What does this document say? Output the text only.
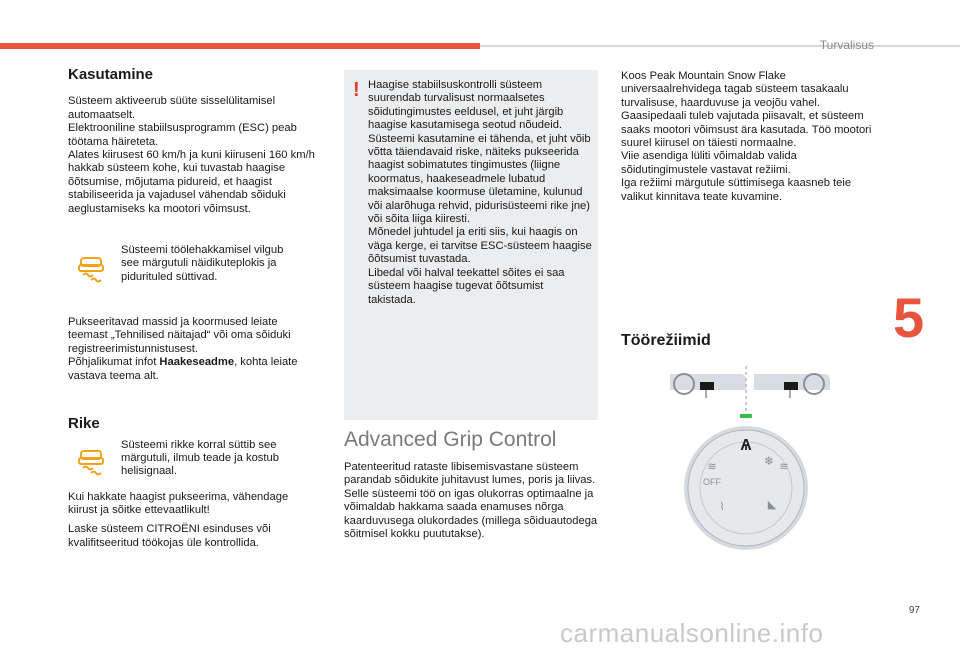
Turvalisus
5
Kasutamine

Süsteem aktiveerub süüte sisselülitamisel automaatselt.

Elektrooniline stabiilsusprogramm (ESC) peab töötama häireteta.

Alates kiirusest 60 km/h ja kuni kiiruseni 160 km/h hakkab süsteem kohe, kui tuvastab haagise õõtsumise, mõjutama pidureid, et haagist stabiliseerida ja vajadusel vähendab sõiduki aeglustamiseks ka mootori võimsust.

Süsteemi töölehakkamisel vilgub see märgutuli näidikuteplokis ja pidurituled süttivad.

Pukseeritavad massid ja koormused leiate teemast „Tehnilised näitajad“ või oma sõiduki registreerimistunnistusest.

Põhjalikumat infot Haakeseadme, kohta leiate vastava teema alt.

Rike

Süsteemi rikke korral süttib see märgutuli, ilmub teade ja kostub helisignaal.

Kui hakkate haagist pukseerima, vähendage kiirust ja sõitke ettevaatlikult!

Laske süsteem CITROËNI esinduses või kvalifitseeritud töökojas üle kontrollida.

! Haagise stabiilsuskontrolli süsteem suurendab turvalisust normaalsetes sõidutingimustes eeldusel, et juht järgib haagise kasutamisega seotud nõudeid.

Süsteemi kasutamine ei tähenda, et juht võib võtta täiendavaid riske, näiteks pukseerida haagist sobimatutes tingimustes (liigne koormatus, haakeseadmele lubatud maksimaalse koormuse ületamine, kulunud või alarõhuga rehvid, pidurisüsteemi rike jne) või sõita liiga kiiresti.

Mõnedel juhtudel ja eriti siis, kui haagis on väga kerge, ei tarvitse ESC-süsteem haagise õõtsumist tuvastada.

Libedal või halval teekattel sõites ei saa süsteem haagise tugevat õõtsumist takistada.

Advanced Grip Control

Patenteeritud rataste libisemisvastane süsteem parandab sõidukite juhitavust lumes, poris ja liivas.

Selle süsteemi töö on igas olukorras optimaalne ja võimaldab hakkama saada enamuses nõrga kaarduvusega olukordades (millega sõiduautodega sõitmisel kokku puututakse).

Koos Peak Mountain Snow Flake universaalrehvidega tagab süsteem tasakaalu turvalisuse, haarduvuse ja veojõu vahel.

Gaasipedaali tuleb vajutada piisavalt, et süsteem saaks mootori võimsust ära kasutada. Töö mootori suurel kiirusel on täiesti normaalne.

Viie asendiga lüliti võimaldab valida sõidutingimustele vastavat režiimi.

Iga režiimi märgutule süttimisega kaasneb teie valikut kinnitava teate kuvamine.

Töörežiimid
Ѧ
≋
OFF
❄ ≋
⌇	◣
97
carmanualsonline.info
